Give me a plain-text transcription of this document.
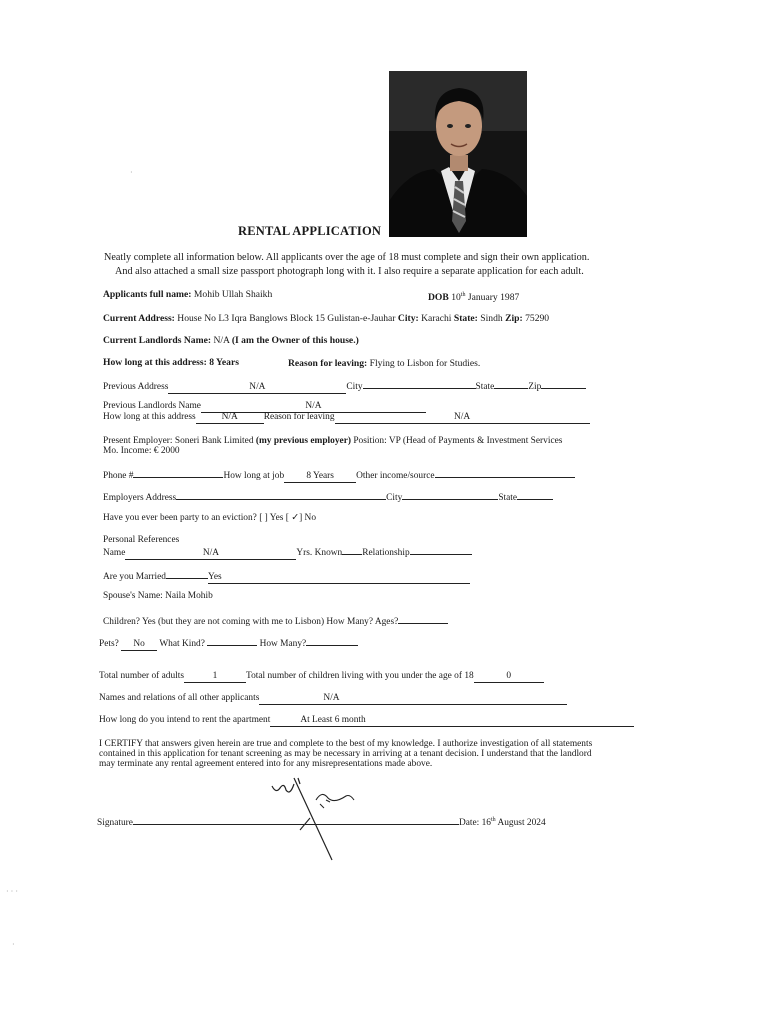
RENTAL APPLICATION
Neatly complete all information below. All applicants over the age of 18 must complete and sign their own application.
And also attached a small size passport photograph long with it. I also require a separate application for each adult.
Applicants full name: Mohib Ullah Shaikh	DOB 10th January 1987
Current Address: House No L3 Iqra Banglows Block 15 Gulistan-e-Jauhar City: Karachi State: Sindh Zip: 75290
Current Landlords Name: N/A (I am the Owner of this house.)
How long at this address: 8 Years	Reason for leaving: Flying to Lisbon for Studies.
Previous Address	N/A	City	State	Zip
Previous Landlords Name	N/A
How long at this address	N/A	Reason for leaving	N/A
Present Employer: Soneri Bank Limited (my previous employer) Position: VP (Head of Payments & Investment Services
Mo. Income: € 2000
Phone #	How long at job 8 Years Other income/source
Employers Address	City	State
Have you ever been party to an eviction? [ ] Yes [ ✓] No
Personal References
Name	N/A	Yrs. Known Relationship
Are you Married	Yes
Spouse's Name: Naila Mohib
Children? Yes (but they are not coming with me to Lisbon) How Many? Ages?
Pets? No What Kind?	How Many?
Total number of adults	1	Total number of children living with you under the age of 18	0
Names and relations of all other applicants	N/A
How long do you intend to rent the apartment	At Least 6 month
I CERTIFY that answers given herein are true and complete to the best of my knowledge. I authorize investigation of all statements
contained in this application for tenant screening as may be necessary in arriving at a tenant decision. I understand that the landlord
may terminate any rental agreement entered into for any misrepresentations made above.
Signature	Date: 16th August 2024
· · ·
·
·
